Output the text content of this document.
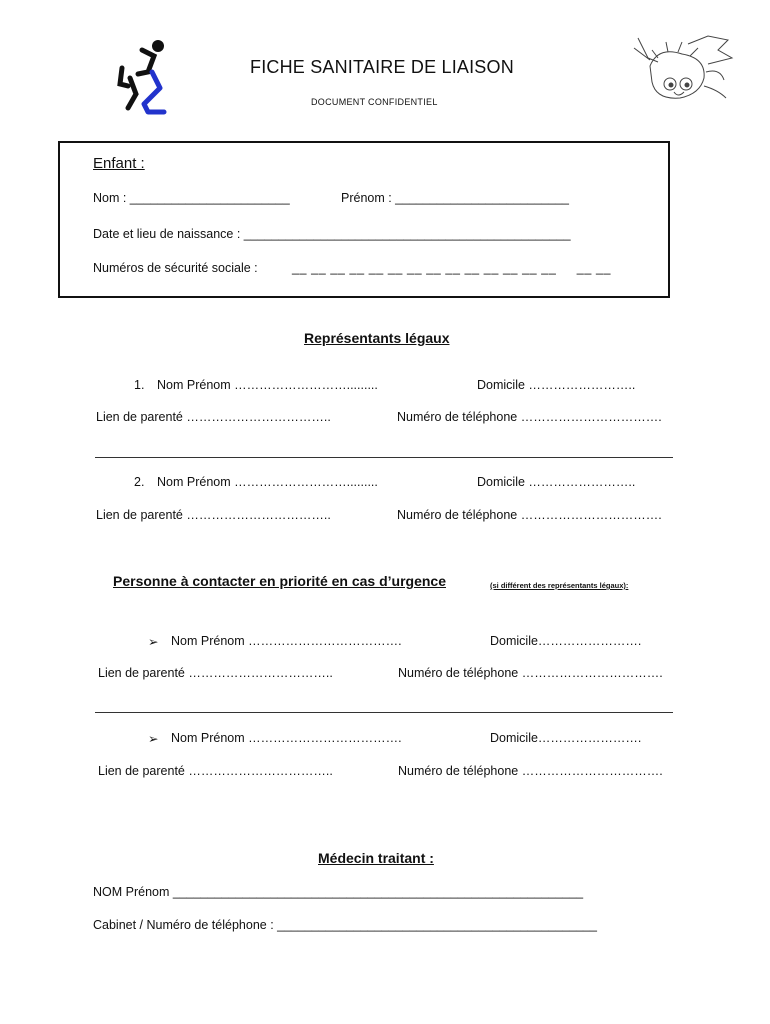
FICHE SANITAIRE DE LIAISON
DOCUMENT CONFIDENTIEL
Enfant :
Nom : _______________________	Prénom : _________________________
Date et lieu de naissance : _______________________________________________
Numéros de sécurité sociale :	__ __ __ __ __ __ __ __ __ __ __ __ __ __     __ __
Représentants légaux
1. Nom Prénom ……………………….........	Domicile ……………………..
Lien de parenté ……………………………..	Numéro de téléphone …………………………….
2. Nom Prénom ……………………….........	Domicile ……………………..
Lien de parenté ……………………………..	Numéro de téléphone …………………………….
Personne à contacter en priorité en cas d’urgence	(si différent des représentants légaux):
➢ Nom Prénom ……………………………….	Domicile…………………….
Lien de parenté ……………………………..	Numéro de téléphone …………………………….
➢ Nom Prénom ……………………………….	Domicile…………………….
Lien de parenté ……………………………..	Numéro de téléphone …………………………….
Médecin traitant :
NOM Prénom ___________________________________________________________
Cabinet / Numéro de téléphone : ______________________________________________
